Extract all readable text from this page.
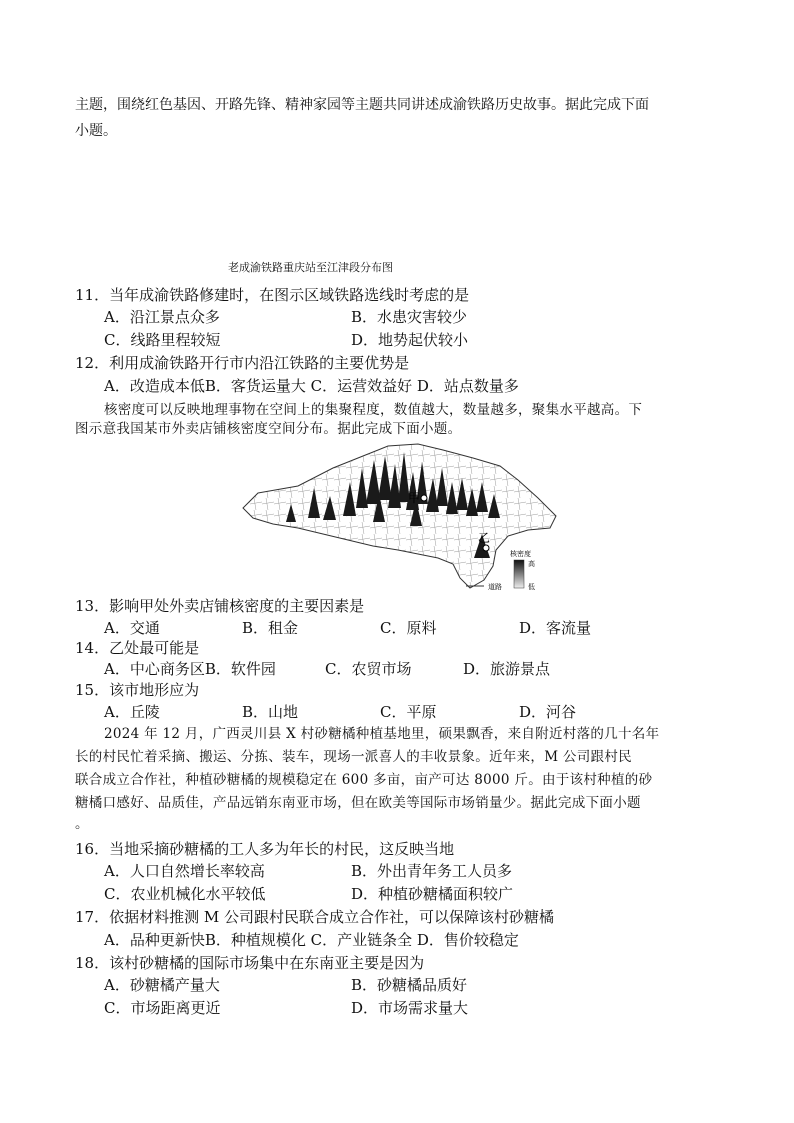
主题，围绕红色基因、开路先锋、精神家园等主题共同讲述成渝铁路历史故事。据此完成下面
小题。
老成渝铁路重庆站至江津段分布图
11．当年成渝铁路修建时，在图示区域铁路选线时考虑的是
A．沿江景点众多	B．水患灾害较少
C．线路里程较短	D．地势起伏较小
12．利用成渝铁路开行市内沿江铁路的主要优势是
A．改造成本低B．客货运量大 C．运营效益好 D．站点数量多
核密度可以反映地理事物在空间上的集聚程度，数值越大，数量越多，聚集水平越高。下
图示意我国某市外卖店铺核密度空间分布。据此完成下面小题。
甲
乙
核密度
高
低
道路
13．影响甲处外卖店铺核密度的主要因素是
A．交通	B．租金	C．原料	D．客流量
14．乙处最可能是
A．中心商务区B．软件园	C．农贸市场	D．旅游景点
15．该市地形应为
A．丘陵	B．山地	C．平原	D．河谷
2024 年 12 月，广西灵川县 X 村砂糖橘种植基地里，硕果飘香，来自附近村落的几十名年
长的村民忙着采摘、搬运、分拣、装车，现场一派喜人的丰收景象。近年来，M 公司跟村民
联合成立合作社，种植砂糖橘的规模稳定在 600 多亩，亩产可达 8000 斤。由于该村种植的砂
糖橘口感好、品质佳，产品远销东南亚市场，但在欧美等国际市场销量少。据此完成下面小题
。
16．当地采摘砂糖橘的工人多为年长的村民，这反映当地
A．人口自然增长率较高	B．外出青年务工人员多
C．农业机械化水平较低	D．种植砂糖橘面积较广
17．依据材料推测 M 公司跟村民联合成立合作社，可以保障该村砂糖橘
A．品种更新快B．种植规模化 C．产业链条全 D．售价较稳定
18．该村砂糖橘的国际市场集中在东南亚主要是因为
A．砂糖橘产量大	B．砂糖橘品质好
C．市场距离更近	D．市场需求量大
